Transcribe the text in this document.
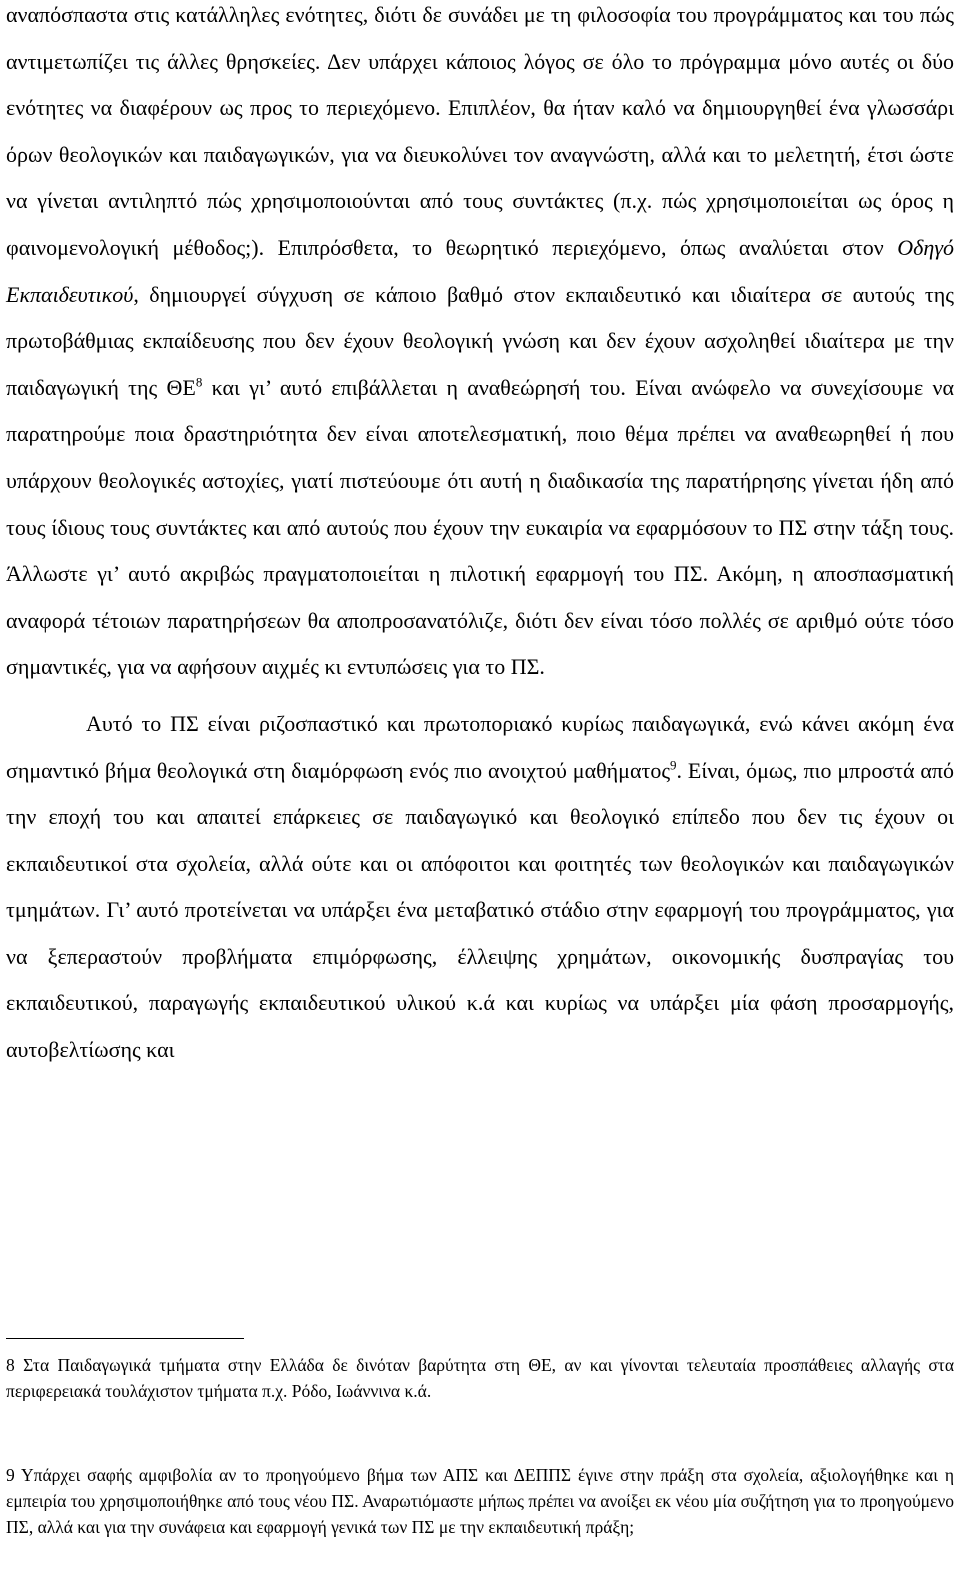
αναπόσπαστα στις κατάλληλες ενότητες, διότι δε συνάδει με τη φιλοσοφία του προγράμματος και του πώς αντιμετωπίζει τις άλλες θρησκείες. Δεν υπάρχει κάποιος λόγος σε όλο το πρόγραμμα μόνο αυτές οι δύο ενότητες να διαφέρουν ως προς το περιεχόμενο. Επιπλέον, θα ήταν καλό να δημιουργηθεί ένα γλωσσάρι όρων θεολογικών και παιδαγωγικών, για να διευκολύνει τον αναγνώστη, αλλά και το μελετητή, έτσι ώστε να γίνεται αντιληπτό πώς χρησιμοποιούνται από τους συντάκτες (π.χ. πώς χρησιμοποιείται ως όρος η φαινομενολογική μέθοδος;). Επιπρόσθετα, το θεωρητικό περιεχόμενο, όπως αναλύεται στον Οδηγό Εκπαιδευτικού, δημιουργεί σύγχυση σε κάποιο βαθμό στον εκπαιδευτικό και ιδιαίτερα σε αυτούς της πρωτοβάθμιας εκπαίδευσης που δεν έχουν θεολογική γνώση και δεν έχουν ασχοληθεί ιδιαίτερα με την παιδαγωγική της $\Theta E^8$ και γι’ αυτό επιβάλλεται η αναθεώρησή του. Είναι ανώφελο να συνεχίσουμε να παρατηρούμε ποια δραστηριότητα δεν είναι αποτελεσματική, ποιο θέμα πρέπει να αναθεωρηθεί ή που υπάρχουν θεολογικές αστοχίες, γιατί πιστεύουμε ότι αυτή η διαδικασία της παρατήρησης γίνεται ήδη από τους ίδιους τους συντάκτες και από αυτούς που έχουν την ευκαιρία να εφαρμόσουν το ΠΣ στην τάξη τους. Άλλωστε γι’ αυτό ακριβώς πραγματοποιείται η πιλοτική εφαρμογή του ΠΣ. Ακόμη, η αποσπασματική αναφορά τέτοιων παρατηρήσεων θα αποπροσανατόλιζε, διότι δεν είναι τόσο πολλές σε αριθμό ούτε τόσο σημαντικές, για να αφήσουν αιχμές κι εντυπώσεις για το ΠΣ.

Αυτό το ΠΣ είναι ριζοσπαστικό και πρωτοποριακό κυρίως παιδαγωγικά, ενώ κάνει ακόμη ένα σημαντικό βήμα θεολογικά στη διαμόρφωση ενός πιο ανοιχτού μαθήματος$^9$. Είναι, όμως, πιο μπροστά από την εποχή του και απαιτεί επάρκειες σε παιδαγωγικό και θεολογικό επίπεδο που δεν τις έχουν οι εκπαιδευτικοί στα σχολεία, αλλά ούτε και οι απόφοιτοι και φοιτητές των θεολογικών και παιδαγωγικών τμημάτων. Γι’ αυτό προτείνεται να υπάρξει ένα μεταβατικό στάδιο στην εφαρμογή του προγράμματος, για να ξεπεραστούν προβλήματα επιμόρφωσης, έλλειψης χρημάτων, οικονομικής δυσπραγίας του εκπαιδευτικού, παραγωγής εκπαιδευτικού υλικού κ.ά και κυρίως να υπάρξει μία φάση προσαρμογής, αυτοβελτίωσης και

8 Στα Παιδαγωγικά τμήματα στην Ελλάδα δε δινόταν βαρύτητα στη ΘΕ, αν και γίνονται τελευταία προσπάθειες αλλαγής στα περιφερειακά τουλάχιστον τμήματα π.χ. Ρόδο, Ιωάννινα κ.ά.

9 Υπάρχει σαφής αμφιβολία αν το προηγούμενο βήμα των ΑΠΣ και ΔΕΠΠΣ έγινε στην πράξη στα σχολεία, αξιολογήθηκε και η εμπειρία του χρησιμοποιήθηκε από τους νέου ΠΣ. Αναρωτιόμαστε μήπως πρέπει να ανοίξει εκ νέου μία συζήτηση για το προηγούμενο ΠΣ, αλλά και για την συνάφεια και εφαρμογή γενικά των ΠΣ με την εκπαιδευτική πράξη;
